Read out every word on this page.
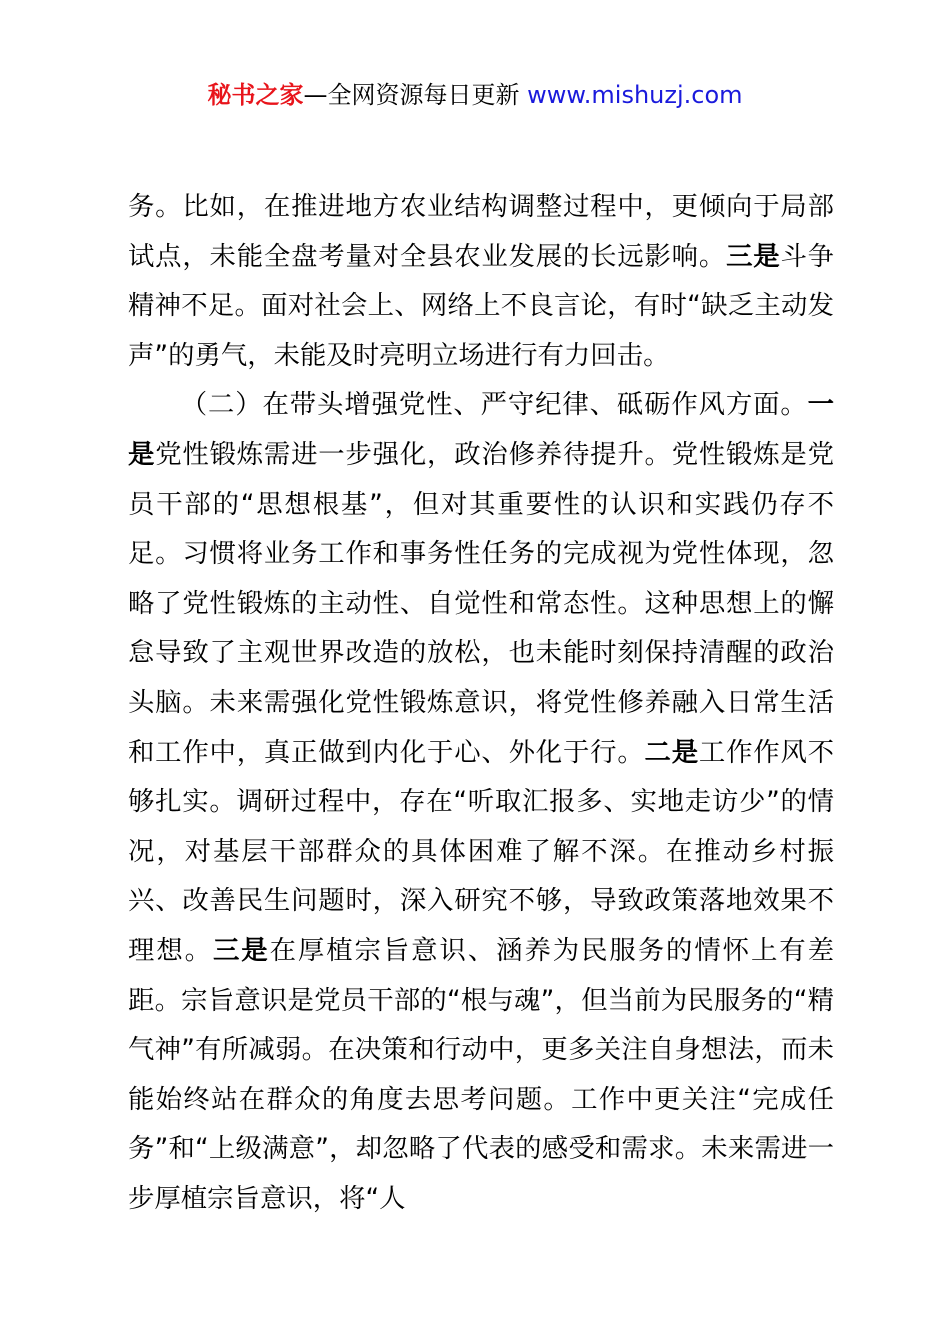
秘书之家—全网资源每日更新 www.mishuzj.com

务。比如，在推进地方农业结构调整过程中，更倾向于局部试点，未能全盘考量对全县农业发展的长远影响。三是斗争精神不足。面对社会上、网络上不良言论，有时“缺乏主动发声”的勇气，未能及时亮明立场进行有力回击。

（二）在带头增强党性、严守纪律、砥砺作风方面。一是党性锻炼需进一步强化，政治修养待提升。党性锻炼是党员干部的“思想根基”，但对其重要性的认识和实践仍存不足。习惯将业务工作和事务性任务的完成视为党性体现，忽略了党性锻炼的主动性、自觉性和常态性。这种思想上的懈怠导致了主观世界改造的放松，也未能时刻保持清醒的政治头脑。未来需强化党性锻炼意识，将党性修养融入日常生活和工作中，真正做到内化于心、外化于行。二是工作作风不够扎实。调研过程中，存在“听取汇报多、实地走访少”的情况，对基层干部群众的具体困难了解不深。在推动乡村振兴、改善民生问题时，深入研究不够，导致政策落地效果不理想。三是在厚植宗旨意识、涵养为民服务的情怀上有差距。宗旨意识是党员干部的“根与魂”，但当前为民服务的“精气神”有所减弱。在决策和行动中，更多关注自身想法，而未能始终站在群众的角度去思考问题。工作中更关注“完成任务”和“上级满意”，却忽略了代表的感受和需求。未来需进一步厚植宗旨意识，将“人
